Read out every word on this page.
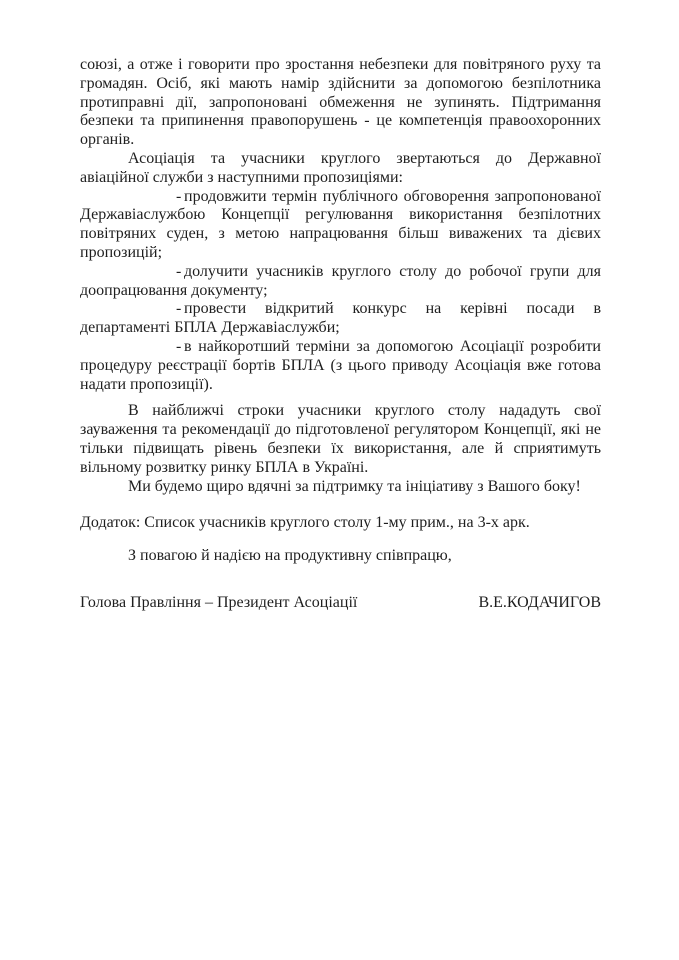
союзі, а отже і говорити про зростання небезпеки для повітряного руху та громадян. Осіб, які мають намір здійснити за допомогою безпілотника протиправні дії, запропоновані обмеження не зупинять. Підтримання безпеки та припинення правопорушень - це компетенція правоохоронних органів.

Асоціація та учасники круглого звертаються до Державної авіаційної служби з наступними пропозиціями:

- продовжити термін публічного обговорення запропонованої Державіаслужбою Концепції регулювання використання безпілотних повітряних суден, з метою напрацювання більш виважених та дієвих пропозицій;

- долучити учасників круглого столу до робочої групи для доопрацювання документу;

- провести відкритий конкурс на керівні посади в департаменті БПЛА Державіаслужби;

- в найкоротший терміни за допомогою Асоціації розробити процедуру реєстрації бортів БПЛА (з цього приводу Асоціація вже готова надати пропозиції).

В найближчі строки учасники круглого столу нададуть свої зауваження та рекомендації до підготовленої регулятором Концепції, які не тільки підвищать рівень безпеки їх використання, але й сприятимуть вільному розвитку ринку БПЛА в Україні.

Ми будемо щиро вдячні за підтримку та ініціативу з Вашого боку!

Додаток: Список учасників круглого столу 1-му прим., на 3-х арк.

З повагою й надією на продуктивну співпрацю,

Голова Правління – Президент Асоціації	В.Е.КОДАЧИГОВ
